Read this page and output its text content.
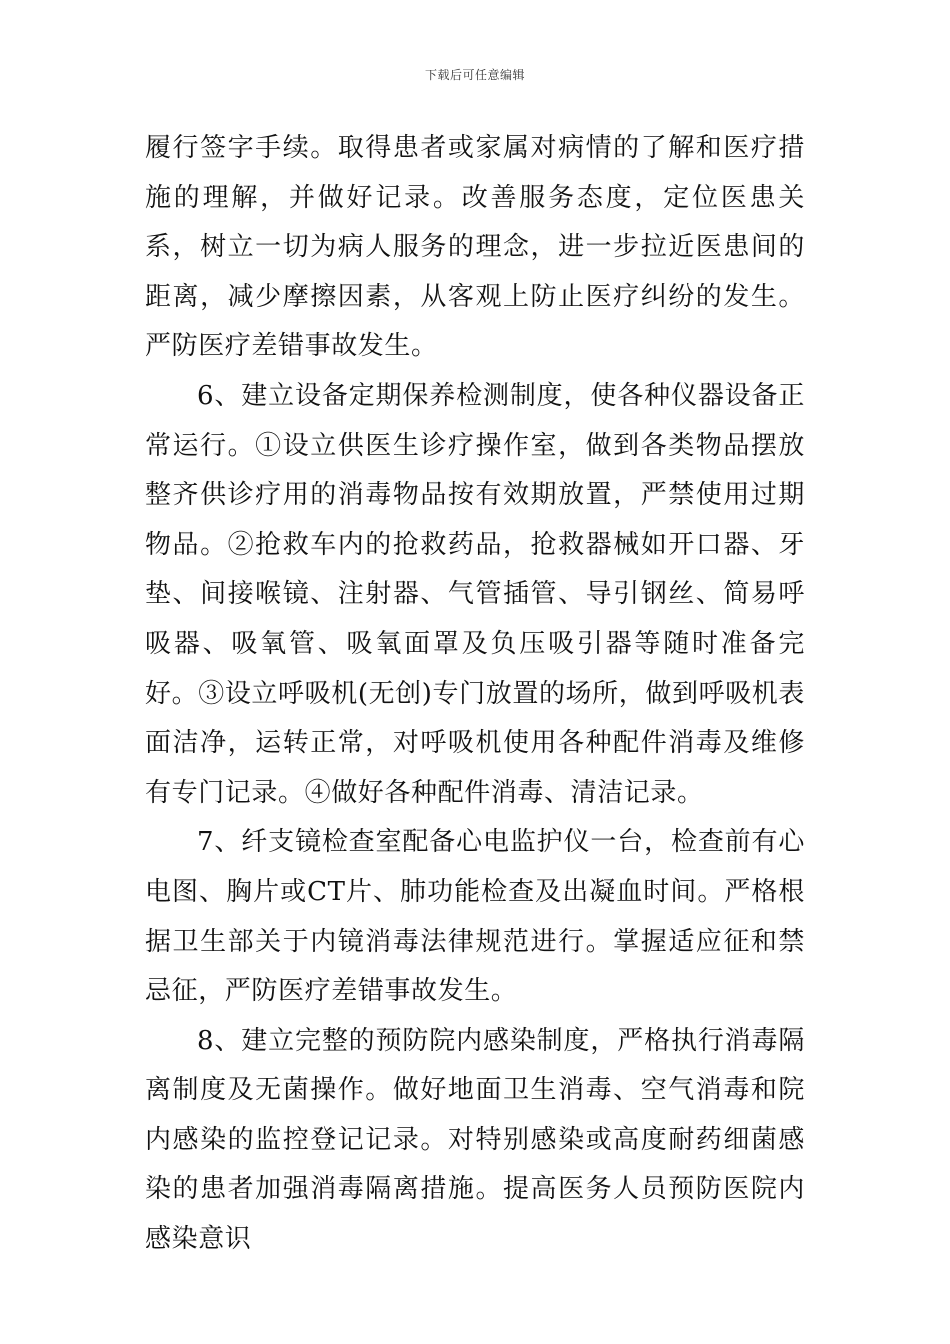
下载后可任意编辑

履行签字手续。取得患者或家属对病情的了解和医疗措施的理解，并做好记录。改善服务态度，定位医患关系，树立一切为病人服务的理念，进一步拉近医患间的距离，减少摩擦因素，从客观上防止医疗纠纷的发生。严防医疗差错事故发生。

6、建立设备定期保养检测制度，使各种仪器设备正常运行。①设立供医生诊疗操作室，做到各类物品摆放整齐供诊疗用的消毒物品按有效期放置，严禁使用过期物品。②抢救车内的抢救药品，抢救器械如开口器、牙垫、间接喉镜、注射器、气管插管、导引钢丝、简易呼吸器、吸氧管、吸氧面罩及负压吸引器等随时准备完好。③设立呼吸机(无创)专门放置的场所，做到呼吸机表面洁净，运转正常，对呼吸机使用各种配件消毒及维修有专门记录。④做好各种配件消毒、清洁记录。

7、纤支镜检查室配备心电监护仪一台，检查前有心电图、胸片或CT片、肺功能检查及出凝血时间。严格根据卫生部关于内镜消毒法律规范进行。掌握适应征和禁忌征，严防医疗差错事故发生。

8、建立完整的预防院内感染制度，严格执行消毒隔离制度及无菌操作。做好地面卫生消毒、空气消毒和院内感染的监控登记记录。对特别感染或高度耐药细菌感染的患者加强消毒隔离措施。提高医务人员预防医院内感染意识
